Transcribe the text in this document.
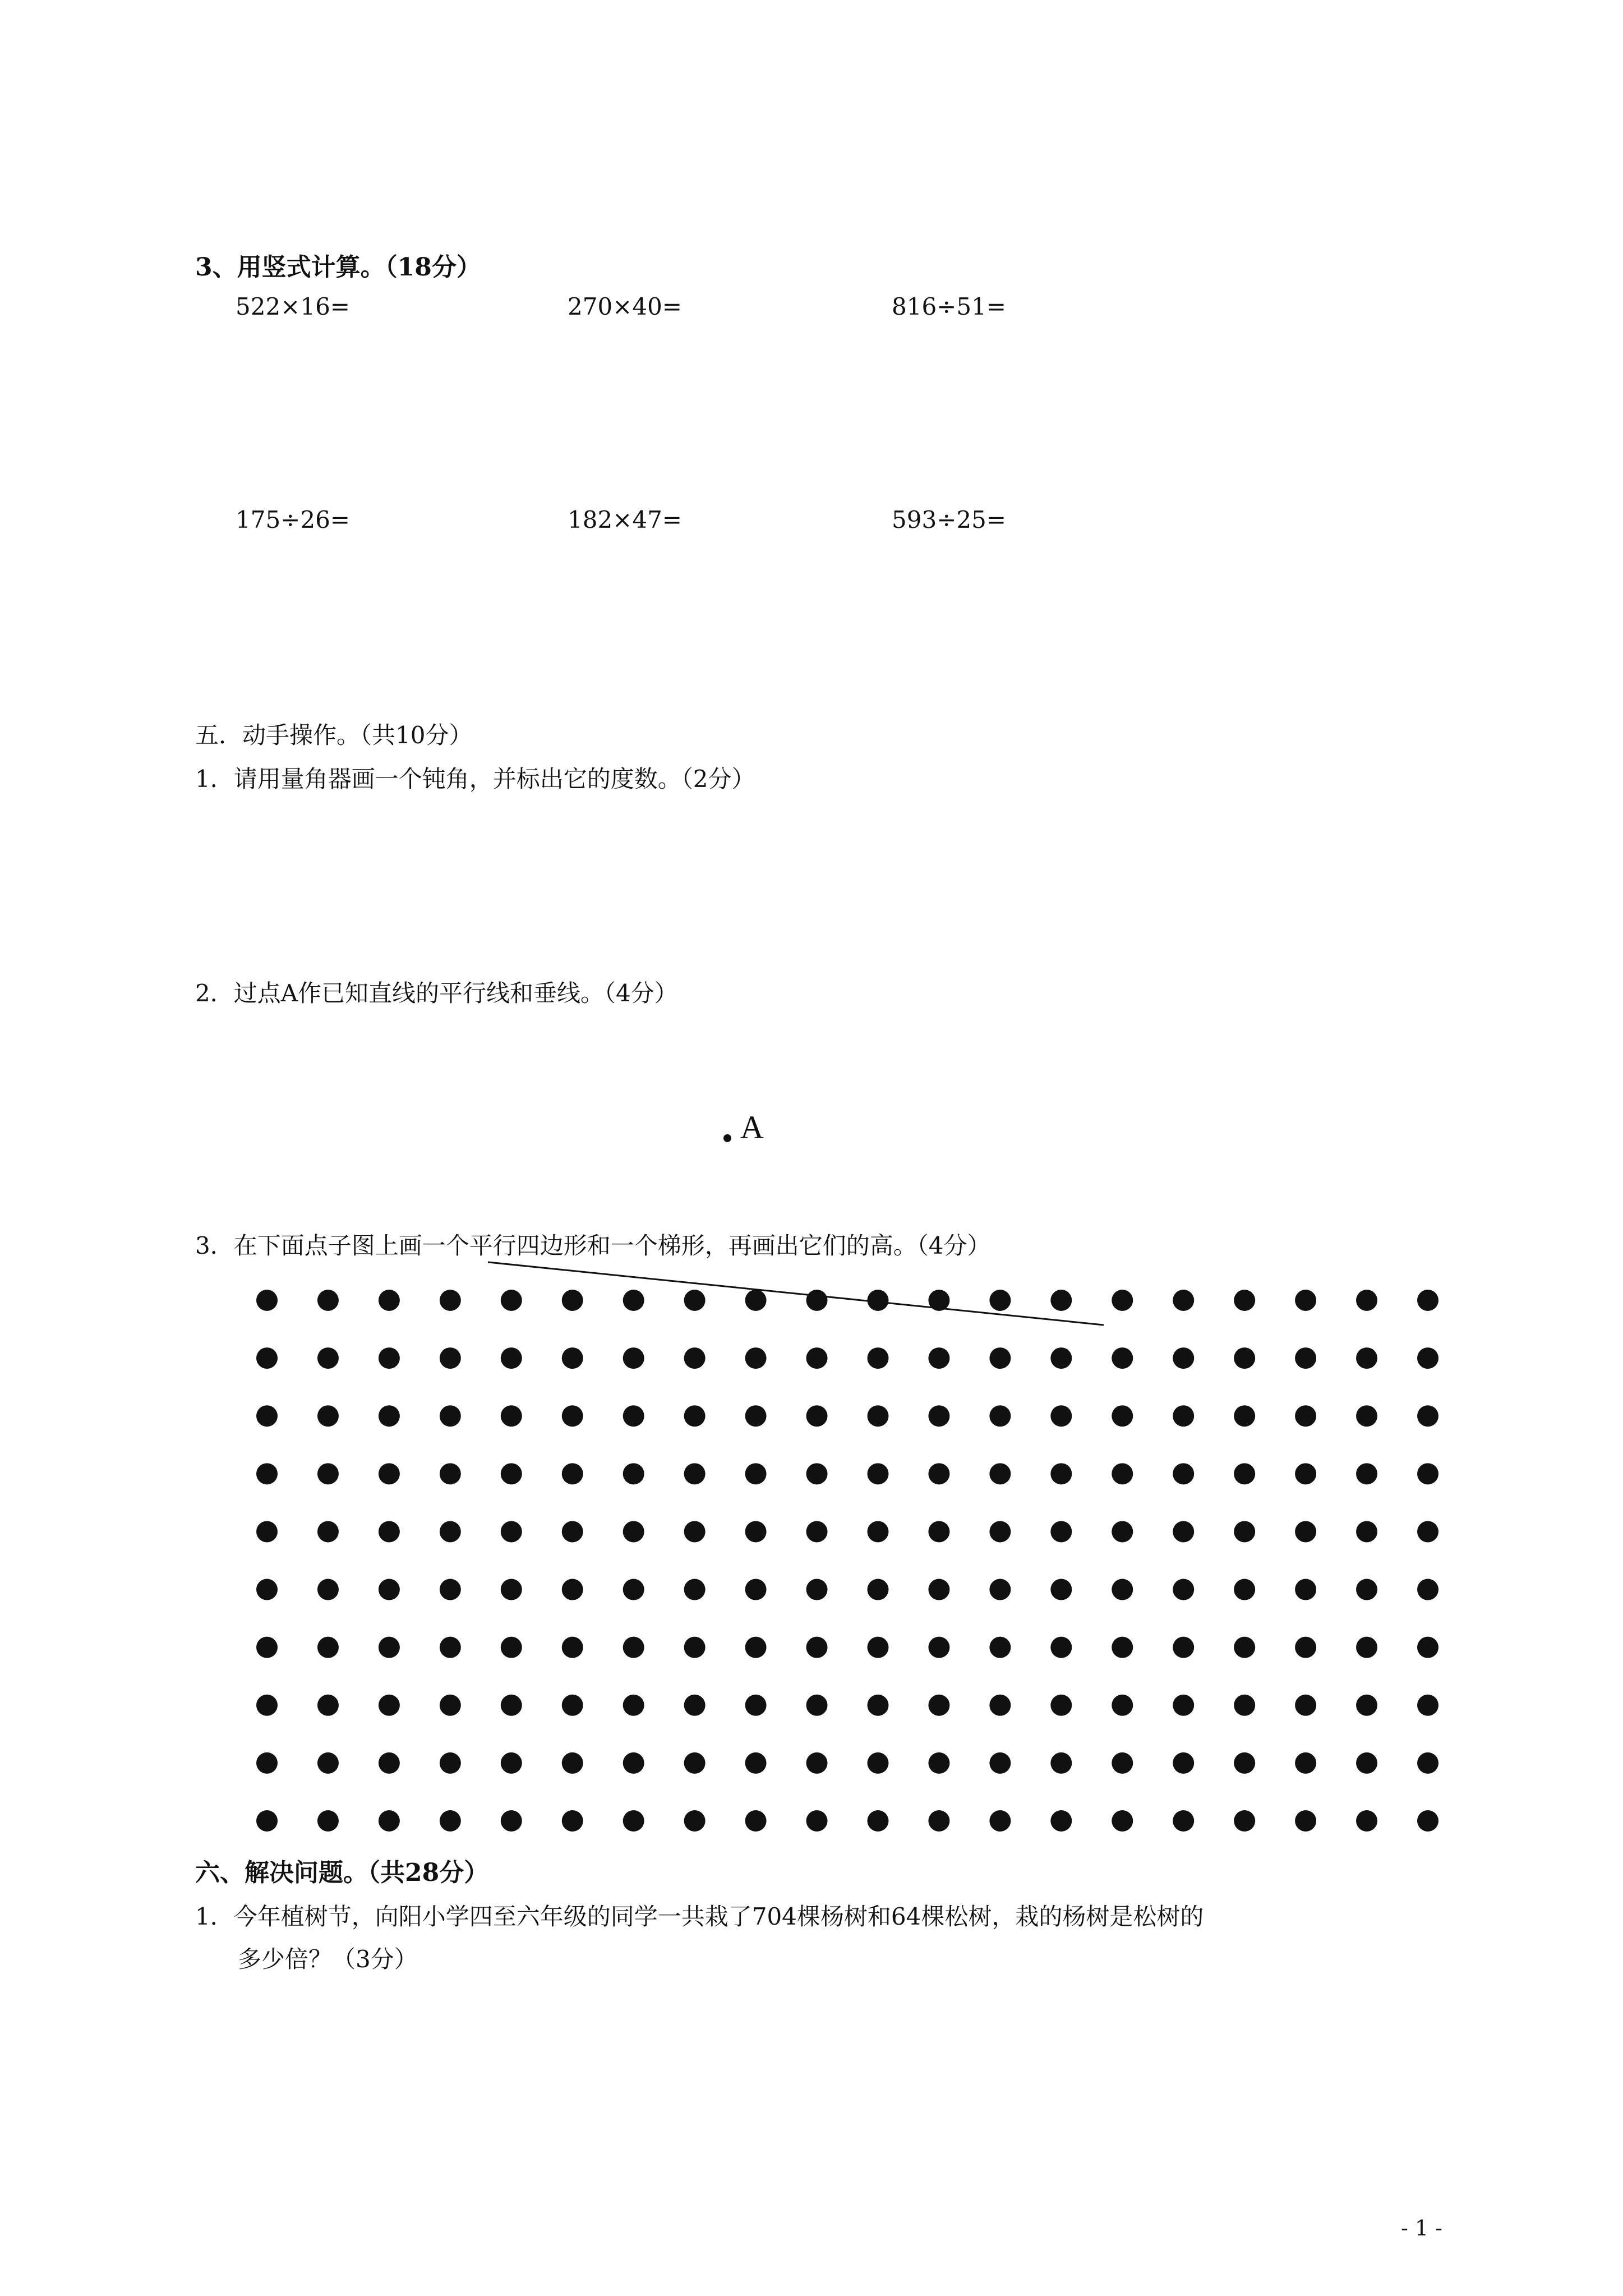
3、用竖式计算。（18分）
522×16=	270×40=	816÷51=
175÷26=	182×47=	593÷25=
五．动手操作。（共10分）
1．请用量角器画一个钝角，并标出它的度数。（2分）
2．过点A作已知直线的平行线和垂线。（4分）
A
3．在下面点子图上画一个平行四边形和一个梯形，再画出它们的高。（4分）
六、解决问题。（共28分）
1．今年植树节，向阳小学四至六年级的同学一共栽了704棵杨树和64棵松树，栽的杨树是松树的
多少倍？（3分）
- 1 -
